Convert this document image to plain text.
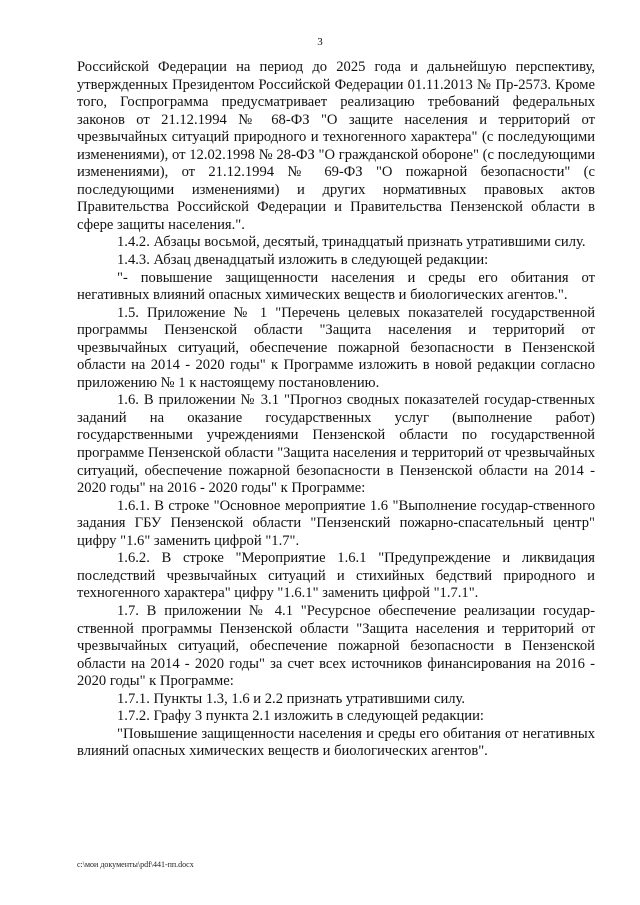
3

Российской Федерации на период до 2025 года и дальнейшую перспективу, утвержденных Президентом Российской Федерации 01.11.2013 № Пр-2573. Кроме того, Госпрограмма предусматривает реализацию требований федеральных законов от 21.12.1994 № 68-ФЗ "О защите населения и территорий от чрезвычайных ситуаций природного и техногенного характера" (с последующими изменениями), от 12.02.1998 № 28-ФЗ "О гражданской обороне" (с последующими изменениями), от 21.12.1994 № 69-ФЗ "О пожарной безопасности" (с последующими изменениями) и других нормативных правовых актов Правительства Российской Федерации и Правительства Пензенской области в сфере защиты населения.".

1.4.2. Абзацы восьмой, десятый, тринадцатый признать утратившими силу.

1.4.3. Абзац двенадцатый изложить в следующей редакции:

"- повышение защищенности населения и среды его обитания от негативных влияний опасных химических веществ и биологических агентов.".

1.5. Приложение № 1 "Перечень целевых показателей государственной программы Пензенской области "Защита населения и территорий от чрезвычайных ситуаций, обеспечение пожарной безопасности в Пензенской области на 2014 - 2020 годы" к Программе изложить в новой редакции согласно приложению № 1 к настоящему постановлению.

1.6. В приложении № 3.1 "Прогноз сводных показателей государ-ственных заданий на оказание государственных услуг (выполнение работ) государственными учреждениями Пензенской области по государственной программе Пензенской области "Защита населения и территорий от чрезвычайных ситуаций, обеспечение пожарной безопасности в Пензенской области на 2014 - 2020 годы" на 2016 - 2020 годы" к Программе:

1.6.1. В строке "Основное мероприятие 1.6 "Выполнение государ-ственного задания ГБУ Пензенской области "Пензенский пожарно-спасательный центр" цифру "1.6" заменить цифрой "1.7".

1.6.2. В строке "Мероприятие 1.6.1 "Предупреждение и ликвидация последствий чрезвычайных ситуаций и стихийных бедствий природного и техногенного характера" цифру "1.6.1" заменить цифрой "1.7.1".

1.7. В приложении № 4.1 "Ресурсное обеспечение реализации государ-ственной программы Пензенской области "Защита населения и территорий от чрезвычайных ситуаций, обеспечение пожарной безопасности в Пензенской области на 2014 - 2020 годы" за счет всех источников финансирования на 2016 - 2020 годы" к Программе:

1.7.1. Пункты 1.3, 1.6 и 2.2 признать утратившими силу.

1.7.2. Графу 3 пункта 2.1 изложить в следующей редакции:

"Повышение защищенности населения и среды его обитания от негативных влияний опасных химических веществ и биологических агентов".

c:\мои документы\pdf\441-пп.docx
